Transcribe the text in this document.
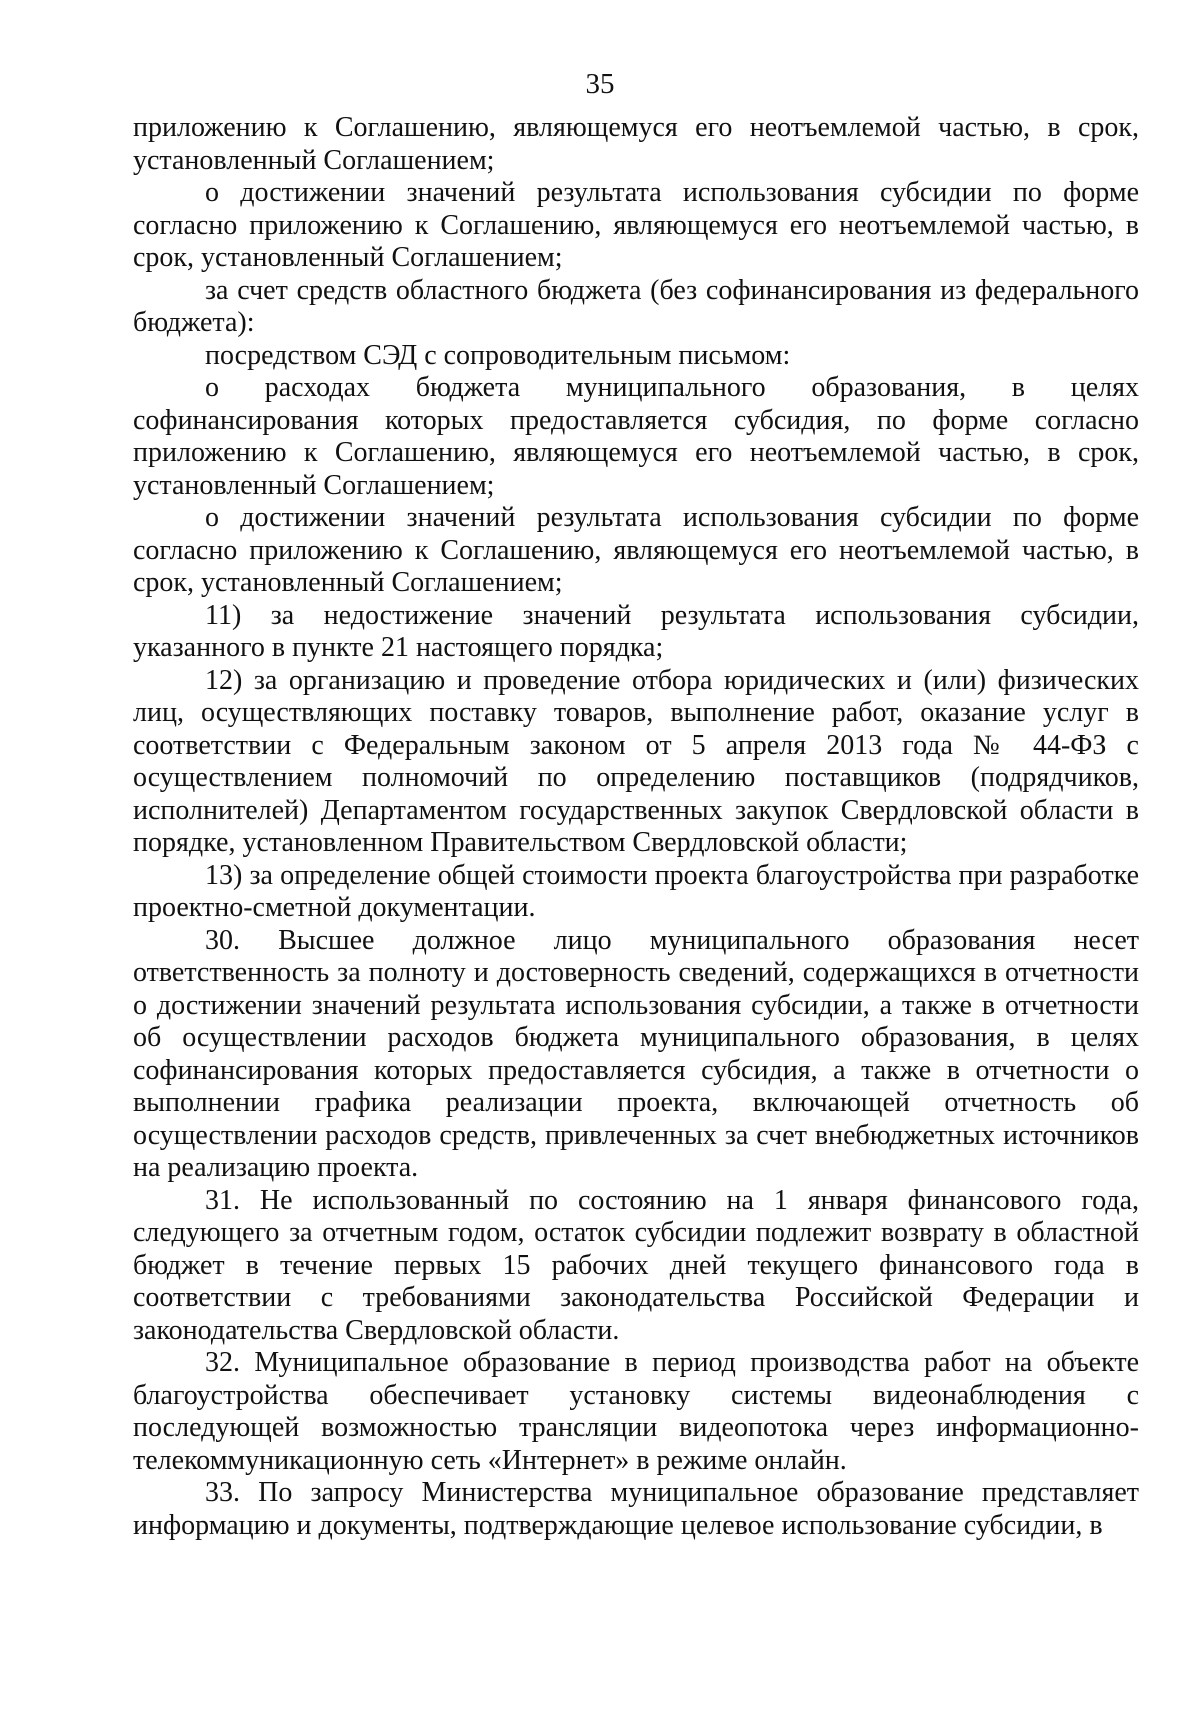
35

приложению к Соглашению, являющемуся его неотъемлемой частью, в срок, установленный Соглашением;

о достижении значений результата использования субсидии по форме согласно приложению к Соглашению, являющемуся его неотъемлемой частью, в срок, установленный Соглашением;

за счет средств областного бюджета (без софинансирования из федерального бюджета):

посредством СЭД с сопроводительным письмом:

о расходах бюджета муниципального образования, в целях софинансирования которых предоставляется субсидия, по форме согласно приложению к Соглашению, являющемуся его неотъемлемой частью, в срок, установленный Соглашением;

о достижении значений результата использования субсидии по форме согласно приложению к Соглашению, являющемуся его неотъемлемой частью, в срок, установленный Соглашением;

11) за недостижение значений результата использования субсидии, указанного в пункте 21 настоящего порядка;

12) за организацию и проведение отбора юридических и (или) физических лиц, осуществляющих поставку товаров, выполнение работ, оказание услуг в соответствии с Федеральным законом от 5 апреля 2013 года № 44-ФЗ с осуществлением полномочий по определению поставщиков (подрядчиков, исполнителей) Департаментом государственных закупок Свердловской области в порядке, установленном Правительством Свердловской области;

13) за определение общей стоимости проекта благоустройства при разработке проектно-сметной документации.

30. Высшее должное лицо муниципального образования несет ответственность за полноту и достоверность сведений, содержащихся в отчетности о достижении значений результата использования субсидии, а также в отчетности об осуществлении расходов бюджета муниципального образования, в целях софинансирования которых предоставляется субсидия, а также в отчетности о выполнении графика реализации проекта, включающей отчетность об осуществлении расходов средств, привлеченных за счет внебюджетных источников на реализацию проекта.

31. Не использованный по состоянию на 1 января финансового года, следующего за отчетным годом, остаток субсидии подлежит возврату в областной бюджет в течение первых 15 рабочих дней текущего финансового года в соответствии с требованиями законодательства Российской Федерации и законодательства Свердловской области.

32. Муниципальное образование в период производства работ на объекте благоустройства обеспечивает установку системы видеонаблюдения с последующей возможностью трансляции видеопотока через информационно-телекоммуникационную сеть «Интернет» в режиме онлайн.

33. По запросу Министерства муниципальное образование представляет информацию и документы, подтверждающие целевое использование субсидии, в
